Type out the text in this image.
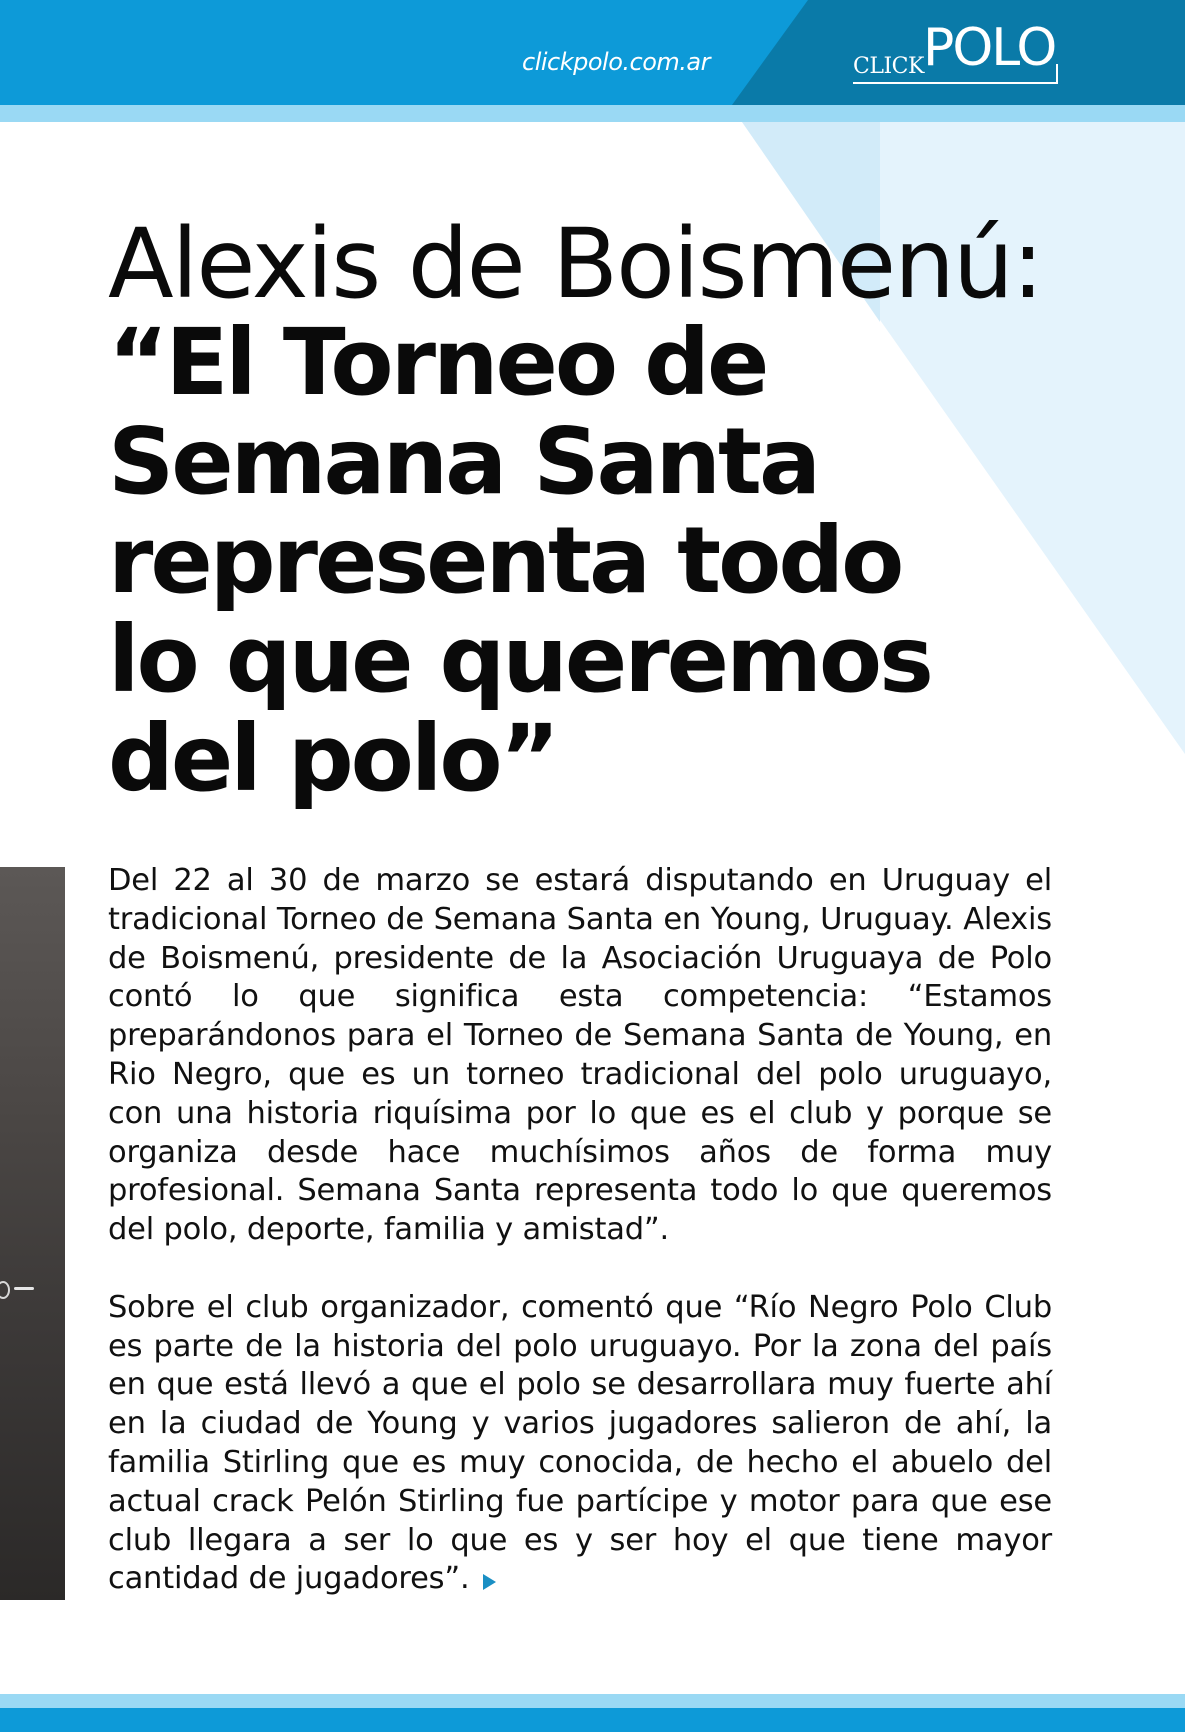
clickpolo.com.ar	CLICK POLO
Alexis de Boismenú:
“El Torneo de Semana Santa representa todo lo que queremos del polo”

Del 22 al 30 de marzo se estará disputando en Uruguay el tradicional Torneo de Semana Santa en Young, Uruguay. Alexis de Boismenú, presidente de la Asociación Uruguaya de Polo contó lo que significa esta competencia: “Estamos preparándonos para el Torneo de Semana Santa de Young, en Rio Negro, que es un torneo tradicional del polo uruguayo, con una historia riquísima por lo que es el club y porque se organiza desde hace muchísimos años de forma muy profesional. Semana Santa representa todo lo que queremos del polo, deporte, familia y amistad”.

Sobre el club organizador, comentó que “Río Negro Polo Club es parte de la historia del polo uruguayo. Por la zona del país en que está llevó a que el polo se desarrollara muy fuerte ahí en la ciudad de Young y varios jugadores salieron de ahí, la familia Stirling que es muy conocida, de hecho el abuelo del actual crack Pelón Stirling fue partícipe y motor para que ese club llegara a ser lo que es y ser hoy el que tiene mayor cantidad de jugadores”.
